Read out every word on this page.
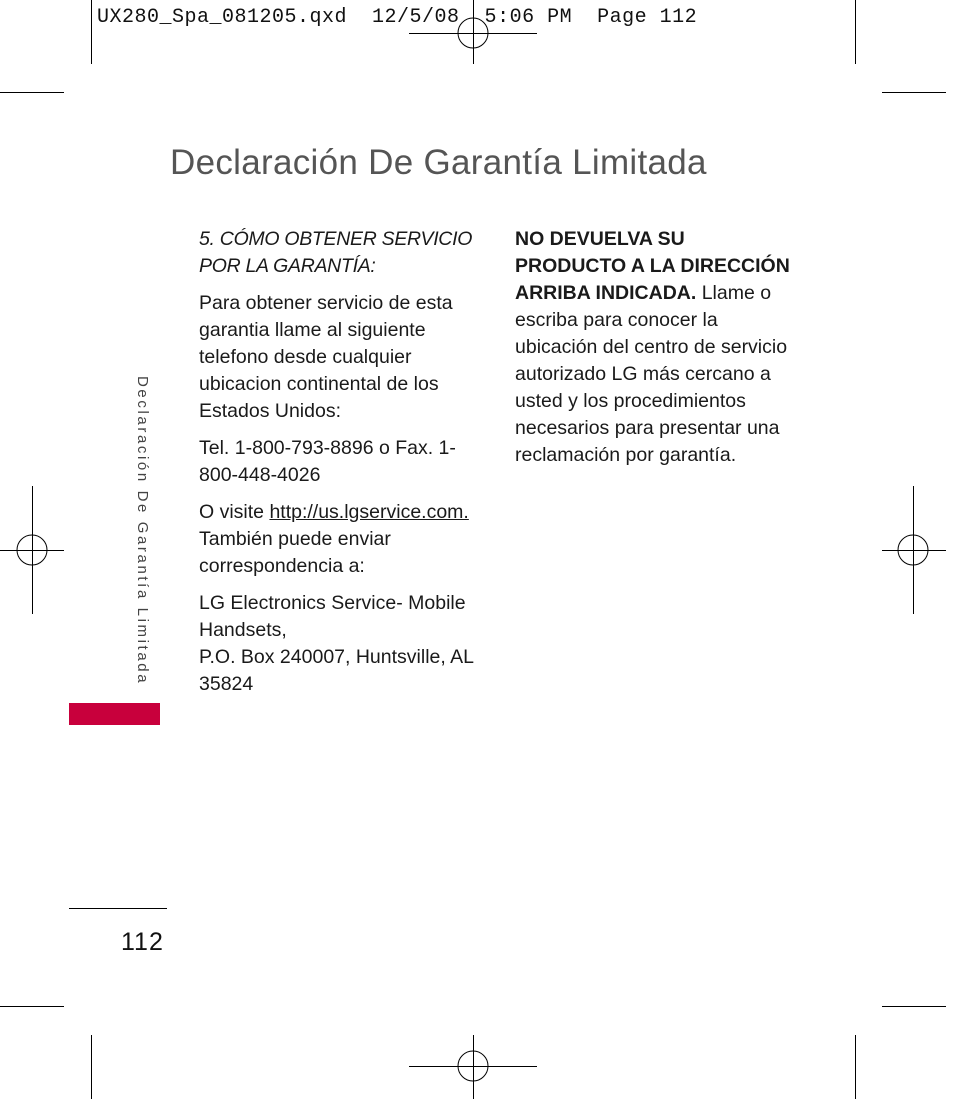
UX280_Spa_081205.qxd  12/5/08  5:06 PM  Page 112
Declaración De Garantía Limitada
Declaración De Garantía Limitada
5. CÓMO OBTENER SERVICIO
POR LA GARANTÍA:

Para obtener servicio de esta garantia llame al siguiente telefono desde cualquier ubicacion continental de los Estados Unidos:

Tel. 1-800-793-8896 o Fax. 1-
800-448-4026

O visite http://us.lgservice.com.
También puede enviar correspondencia a:

LG Electronics Service- Mobile Handsets,
P.O. Box 240007, Huntsville, AL 35824

NO DEVUELVA SU PRODUCTO A LA DIRECCIÓN ARRIBA INDICADA. Llame o escriba para conocer la ubicación del centro de servicio autorizado LG más cercano a usted y los procedimientos necesarios para presentar una reclamación por garantía.

112
